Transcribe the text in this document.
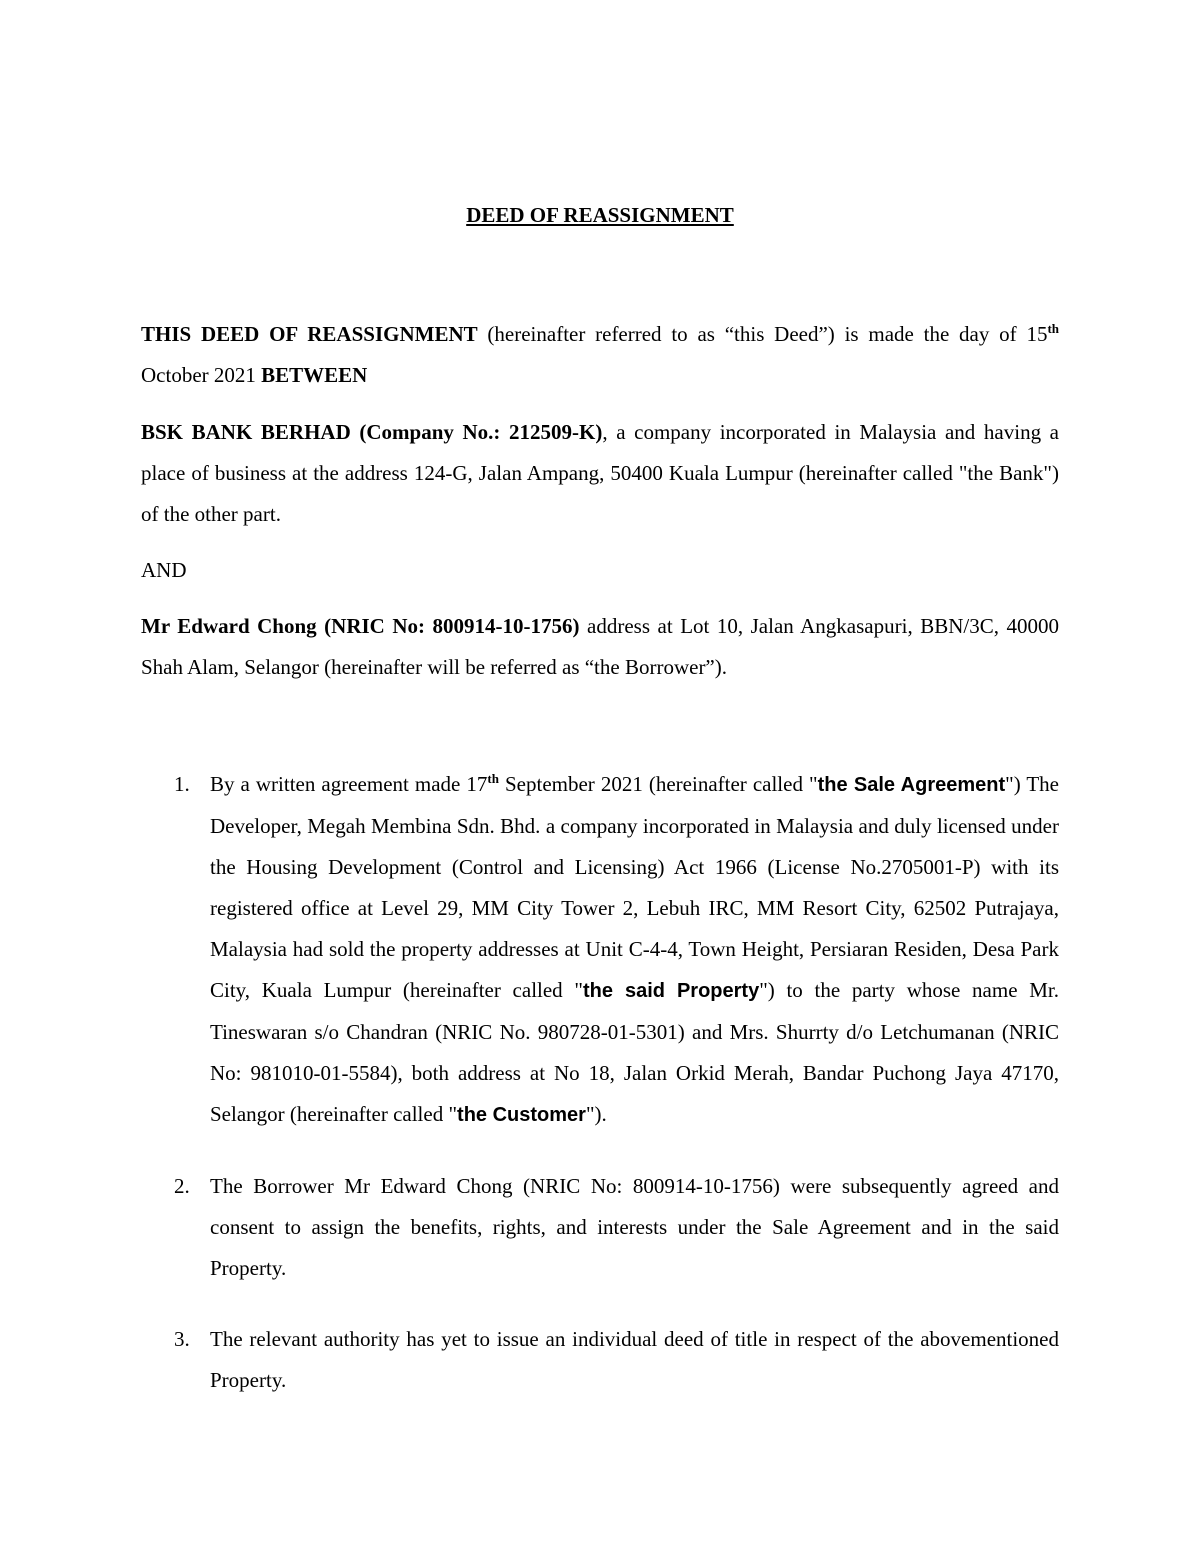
DEED OF REASSIGNMENT

THIS DEED OF REASSIGNMENT (hereinafter referred to as “this Deed”) is made the day of 15th October 2021 BETWEEN

BSK BANK BERHAD (Company No.: 212509-K), a company incorporated in Malaysia and having a place of business at the address 124-G, Jalan Ampang, 50400 Kuala Lumpur (hereinafter called "the Bank") of the other part.

AND

Mr Edward Chong (NRIC No: 800914-10-1756) address at Lot 10, Jalan Angkasapuri, BBN/3C, 40000 Shah Alam, Selangor (hereinafter will be referred as “the Borrower”).

1. By a written agreement made 17th September 2021 (hereinafter called "the Sale Agreement") The Developer, Megah Membina Sdn. Bhd. a company incorporated in Malaysia and duly licensed under the Housing Development (Control and Licensing) Act 1966 (License No.2705001-P) with its registered office at Level 29, MM City Tower 2, Lebuh IRC, MM Resort City, 62502 Putrajaya, Malaysia had sold the property addresses at Unit C-4-4, Town Height, Persiaran Residen, Desa Park City, Kuala Lumpur (hereinafter called "the said Property") to the party whose name Mr. Tineswaran s/o Chandran (NRIC No. 980728-01-5301) and Mrs. Shurrty d/o Letchumanan (NRIC No: 981010-01-5584), both address at No 18, Jalan Orkid Merah, Bandar Puchong Jaya 47170, Selangor (hereinafter called "the Customer").
2. The Borrower Mr Edward Chong (NRIC No: 800914-10-1756) were subsequently agreed and consent to assign the benefits, rights, and interests under the Sale Agreement and in the said Property.
3. The relevant authority has yet to issue an individual deed of title in respect of the abovementioned Property.
